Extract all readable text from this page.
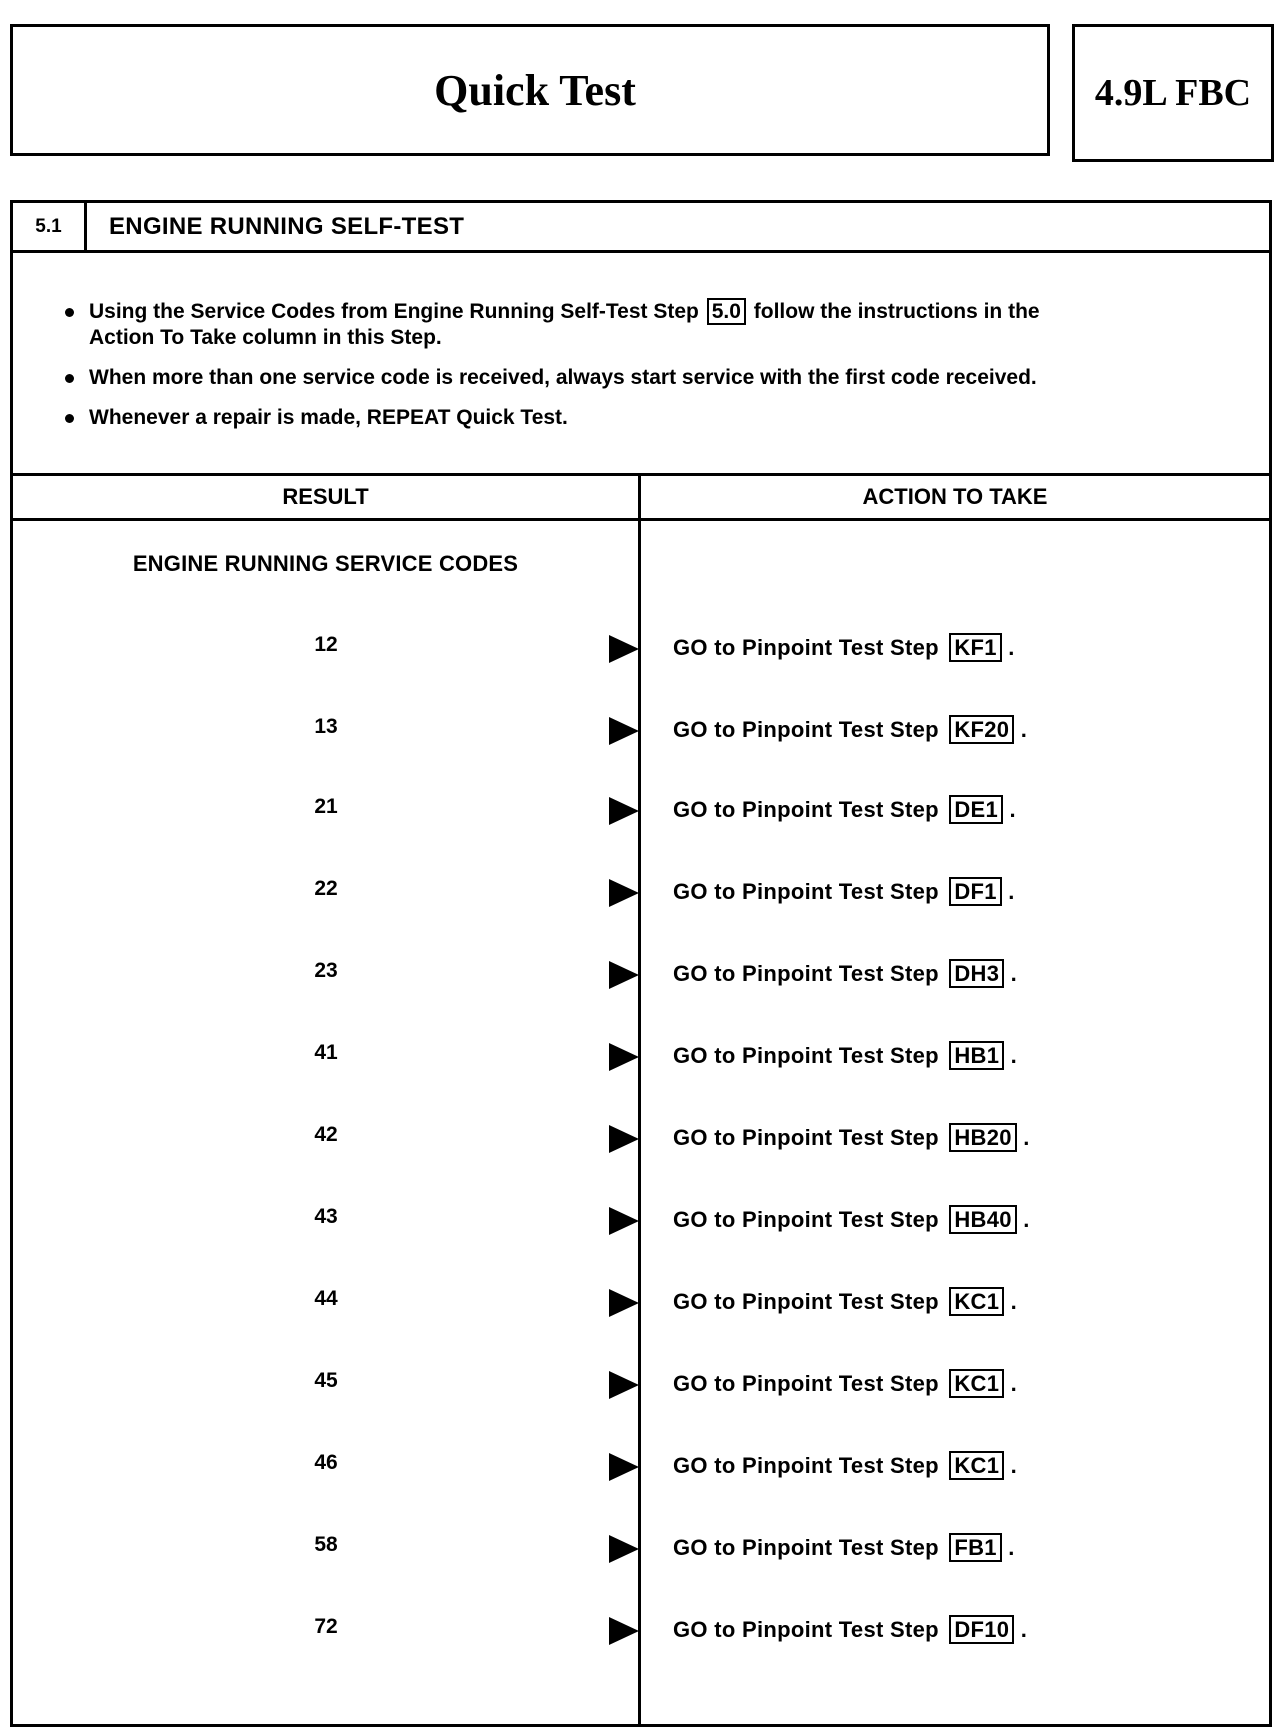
Quick Test	4.9L FBC
5.1	ENGINE RUNNING SELF-TEST
Using the Service Codes from Engine Running Self-Test Step 5.0 follow the instructions in the
Action To Take column in this Step.
When more than one service code is received, always start service with the first code received.
Whenever a repair is made, REPEAT Quick Test.
RESULT	ACTION TO TAKE
ENGINE RUNNING SERVICE CODES
12	GO to Pinpoint Test Step KF1 .
13	GO to Pinpoint Test Step KF20 .
21	GO to Pinpoint Test Step DE1 .
22	GO to Pinpoint Test Step DF1 .
23	GO to Pinpoint Test Step DH3 .
41	GO to Pinpoint Test Step HB1 .
42	GO to Pinpoint Test Step HB20 .
43	GO to Pinpoint Test Step HB40 .
44	GO to Pinpoint Test Step KC1 .
45	GO to Pinpoint Test Step KC1 .
46	GO to Pinpoint Test Step KC1 .
58	GO to Pinpoint Test Step FB1 .
72	GO to Pinpoint Test Step DF10 .
